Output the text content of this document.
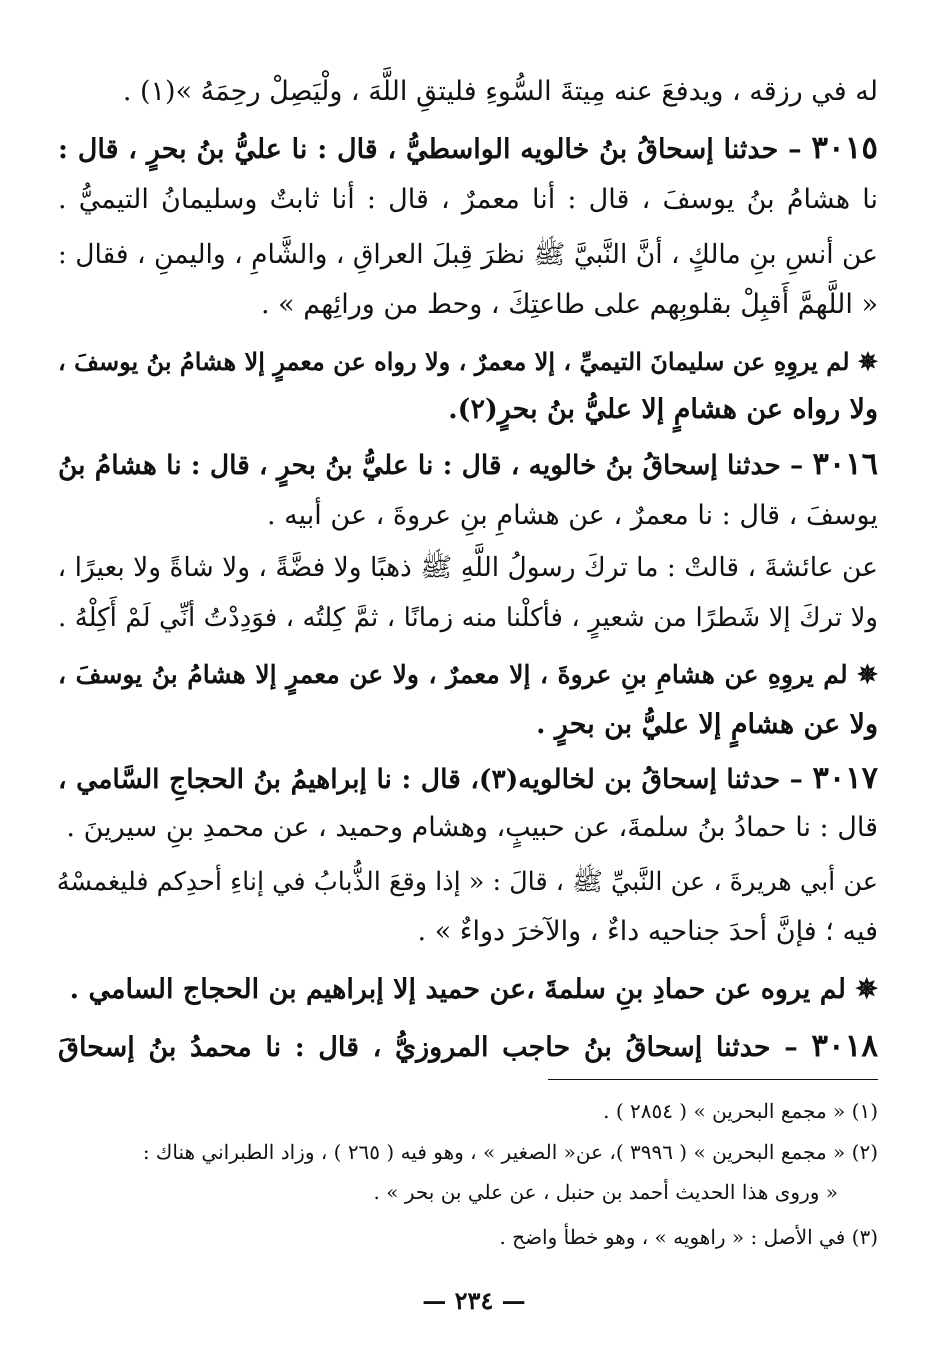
له في رزقه ، ويدفعَ عنه مِيتةَ السُّوءِ فليتقِ اللَّهَ ، ولْيَصِلْ رحِمَهُ »(١) .
٣٠١٥ – حدثنا إسحاقُ بنُ خالويه الواسطيُّ ، قال : نا عليُّ بنُ بحرٍ ، قال :
نا هشامُ بنُ يوسفَ ، قال : أنا معمرٌ ، قال : أنا ثابتٌ وسليمانُ التيميُّ .
عن أنسِ بنِ مالكٍ ، أنَّ النَّبيَّ ﷺ نظرَ قِبلَ العراقِ ، والشَّامِ ، واليمنِ ، فقال :
« اللَّهمَّ أَقبِلْ بقلوبِهم على طاعتِكَ ، وحط من ورائِهم » .
✵ لم يروِهِ عن سليمانَ التيميِّ ، إلا معمرٌ ، ولا رواه عن معمرٍ إلا هشامُ بنُ يوسفَ ،
ولا رواه عن هشامٍ إلا عليُّ بنُ بحرٍ(٢).
٣٠١٦ – حدثنا إسحاقُ بنُ خالويه ، قال : نا عليُّ بنُ بحرٍ ، قال : نا هشامُ بنُ
يوسفَ ، قال : نا معمرٌ ، عن هشامِ بنِ عروةَ ، عن أبيه .
عن عائشةَ ، قالتْ : ما تركَ رسولُ اللَّهِ ﷺ ذهبًا ولا فضَّةً ، ولا شاةً ولا بعيرًا ،
ولا تركَ إلا شَطرًا من شعيرٍ ، فأكلْنا منه زمانًا ، ثمَّ كِلتُه ، فوَدِدْتُ أنِّي لَمْ أَكِلْهُ .
✵ لم يروِهِ عن هشامِ بنِ عروةَ ، إلا معمرٌ ، ولا عن معمرٍ إلا هشامُ بنُ يوسفَ ،
ولا عن هشامٍ إلا عليُّ بن بحرٍ .
٣٠١٧ – حدثنا إسحاقُ بن لخالويه(٣)، قال : نا إبراهيمُ بنُ الحجاجِ السَّامي ،
قال : نا حمادُ بنُ سلمةَ، عن حبيبٍ، وهشام وحميد ، عن محمدِ بنِ سيرينَ .
عن أبي هريرةَ ، عن النَّبيِّ ﷺ ، قالَ : « إذا وقعَ الذُّبابُ في إناءِ أحدِكم فليغمسْهُ
فيه ؛ فإنَّ أحدَ جناحيه داءٌ ، والآخرَ دواءٌ » .
✵ لم يروه عن حمادِ بنِ سلمةَ ،عن حميد إلا إبراهيم بن الحجاج السامي .
٣٠١٨ – حدثنا إسحاقُ بنُ حاجب المروزيُّ ، قال : نا محمدُ بنُ إسحاقَ
(١) « مجمع البحرين » ( ٢٨٥٤ ) .
(٢) « مجمع البحرين » ( ٣٩٩٦ )، عن« الصغير » ، وهو فيه ( ٢٦٥ ) ، وزاد الطبراني هناك :
« وروى هذا الحديث أحمد بن حنبل ، عن علي بن بحر » .
(٣) في الأصل : « راهويه » ، وهو خطأ واضح .
— ٢٣٤ —
